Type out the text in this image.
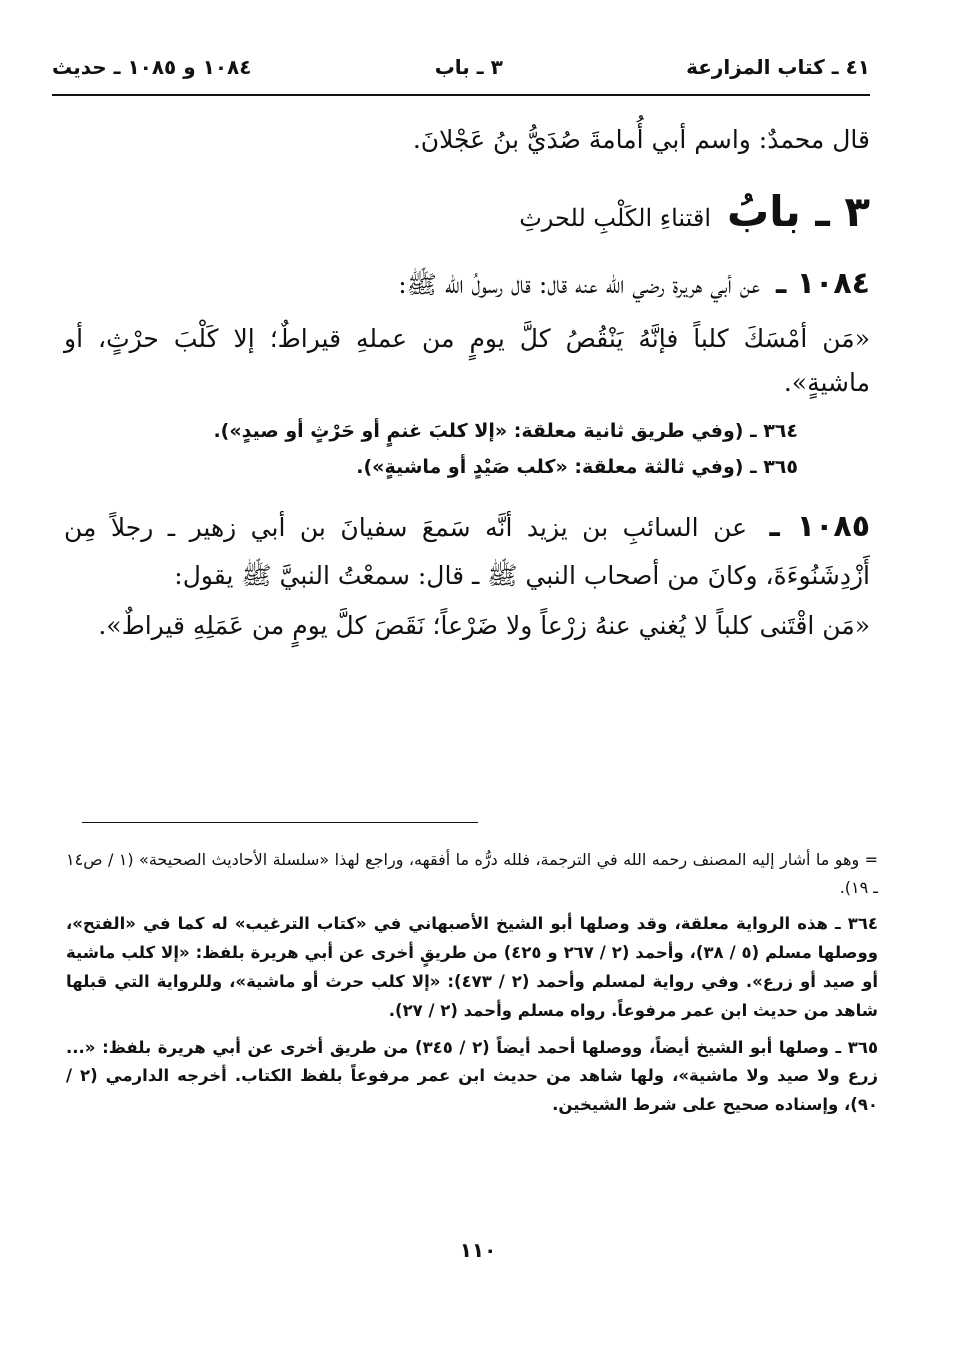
٤١ ـ كتاب المزارعة
٣ ـ باب
١٠٨٤ و ١٠٨٥ ـ حديث

قال محمدٌ: واسم أبي أُمامةَ صُدَيُّ بنُ عَجْلانَ.

٣ ـ بابُ
اقتناءِ الكَلْبِ للحرثِ

١٠٨٤ ـ عن أبي هريرة رضي الله عنه قال: قال رسولُ الله ﷺ:

«مَن أمْسَكَ كلباً فإنَّهُ يَنْقُصُ كلَّ يومٍ من عملهِ قيراطٌ؛ إلا كَلْبَ حرْثٍ، أو ماشيةٍ».

٣٦٤ ـ (وفي طريق ثانية معلقة: «إلا كلبَ غنمٍ أو حَرْثٍ أو صيدٍ»).

٣٦٥ ـ (وفي ثالثة معلقة: «كلب صَيْدٍ أو ماشيةٍ»).

١٠٨٥ ـ عن السائبِ بن يزيد أنَّه سَمعَ سفيانَ بن أبي زهير ـ رجلاً مِن أَزْدِشَنُوءَةَ، وكانَ من أصحاب النبي ﷺ ـ قال: سمعْتُ النبيَّ ﷺ يقول:

«مَن اقْتَنى كلباً لا يُغني عنهُ زرْعاً ولا ضَرْعاً؛ نَقَصَ كلَّ يومٍ من عَمَلِهِ قيراطٌ».

= وهو ما أشار إليه المصنف رحمه الله في الترجمة، فلله درُّه ما أفقهه، وراجع لهذا «سلسلة الأحاديث الصحيحة» (١ / ص١٤ ـ ١٩).

٣٦٤ ـ هذه الرواية معلقة، وقد وصلها أبو الشيخ الأصبهاني في «كتاب الترغيب» له كما في «الفتح»، ووصلها مسلم (٥ / ٣٨)، وأحمد (٢ / ٢٦٧ و ٤٢٥) من طريقٍ أخرى عن أبي هريرة بلفظ: «إلا كلب ماشية أو صيد أو زرع». وفي رواية لمسلم وأحمد (٢ / ٤٧٣): «إلا كلب حرث أو ماشية»، وللرواية التي قبلها شاهد من حديث ابن عمر مرفوعاً. رواه مسلم وأحمد (٢ / ٢٧).

٣٦٥ ـ وصلها أبو الشيخ أيضاً، ووصلها أحمد أيضاً (٢ / ٣٤٥) من طريق أخرى عن أبي هريرة بلفظ: «... زرع ولا صيد ولا ماشية»، ولها شاهد من حديث ابن عمر مرفوعاً بلفظ الكتاب. أخرجه الدارمي (٢ / ٩٠)، وإسناده صحيح على شرط الشيخين.

١١٠
